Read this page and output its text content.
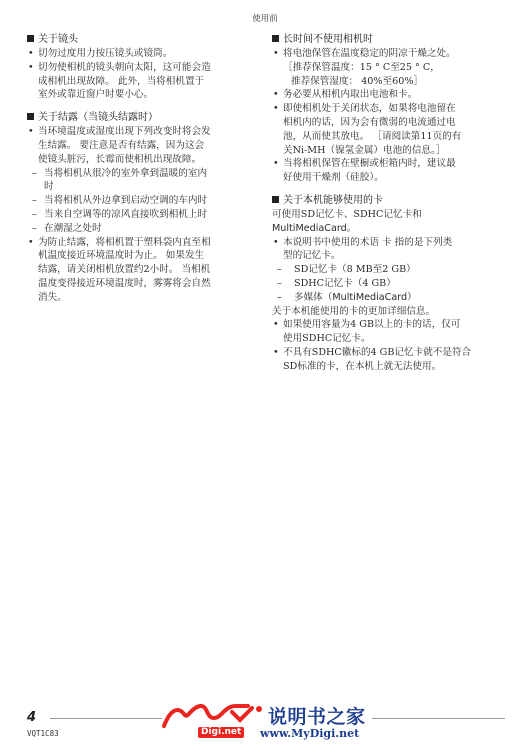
使用前
关于镜头
• 切勿过度用力按压镜头或镜筒。
• 切勿使相机的镜头朝向太阳，这可能会造
成相机出现故障。 此外，当将相机置于
室外或靠近窗户时要小心。
关于结露（当镜头结露时）
• 当环境温度或湿度出现下列改变时将会发
生结露。 要注意是否有结露，因为这会
使镜头脏污，长霉而使相机出现故障。
– 当将相机从很冷的室外拿到温暖的室内
时
– 当将相机从外边拿到启动空调的车内时
– 当来自空调等的凉风直接吹到相机上时
– 在潮湿之处时
• 为防止结露，将相机置于塑料袋内直至相
机温度接近环境温度时为止。 如果发生
结露，请关闭相机放置约2小时。 当相机
温度变得接近环境温度时，雾雾将会自然
消失。
长时间不使用相机时
• 将电池保管在温度稳定的阴凉干燥之处。
［推荐保管温度：15 ° C至25 ° C，
推荐保管湿度： 40%至60%］
• 务必要从相机内取出电池和卡。
• 即使相机处于关闭状态，如果将电池留在
相机内的话，因为会有微弱的电流通过电
池，从而使其放电。 ［请阅读第11页的有
关Ni-MH（镍氢金属）电池的信息。］
• 当将相机保管在壁橱或柜箱内时，建议最
好使用干燥剂（硅胶）。
关于本机能够使用的卡
可使用SD记忆卡、SDHC记忆卡和
MultiMediaCard。
• 本说明书中使用的术语 卡 指的是下列类
型的记忆卡。
– SD记忆卡（8 MB至2 GB）
– SDHC记忆卡（4 GB）
– 多媒体（MultiMediaCard）
关于本机能使用的卡的更加详细信息。
• 如果使用容量为4 GB以上的卡的话，仅可
使用SDHC记忆卡。
• 不具有SDHC徽标的4 GB记忆卡就不是符合
SD标准的卡，在本机上就无法使用。
4
VQT1C83	Digi.net
说明书之家
www.MyDigi.net
